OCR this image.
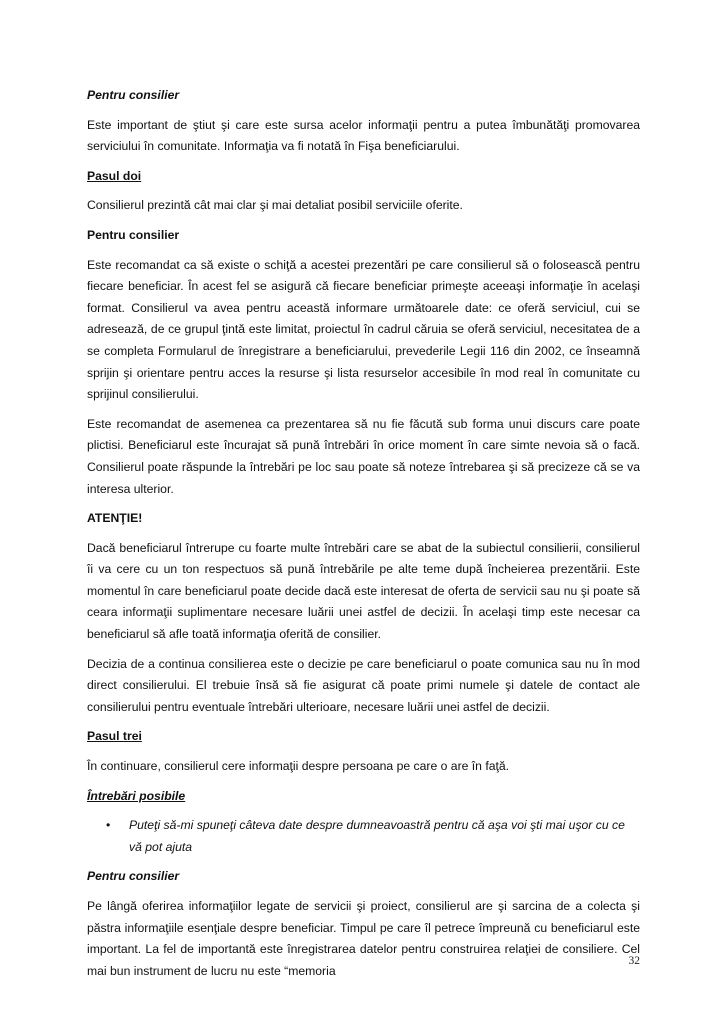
Pentru consilier

Este important de ştiut şi care este sursa acelor informaţii pentru a putea îmbunătăţi promovarea serviciului în comunitate. Informaţia va fi notată în Fişa beneficiarului.

Pasul doi

Consilierul prezintă cât mai clar şi mai detaliat posibil serviciile oferite.

Pentru consilier

Este recomandat ca să existe o schiţă a acestei prezentări pe care consilierul să o folosească pentru fiecare beneficiar. În acest fel se asigură că fiecare beneficiar primeşte aceeaşi informaţie în acelaşi format. Consilierul va avea pentru această informare următoarele date: ce oferă serviciul, cui se adresează, de ce grupul ţintă este limitat, proiectul în cadrul căruia se oferă serviciul, necesitatea de a se completa Formularul de înregistrare a beneficiarului, prevederile Legii 116 din 2002, ce înseamnă sprijin şi orientare pentru acces la resurse şi lista resurselor accesibile în mod real în comunitate cu sprijinul consilierului.

Este recomandat de asemenea ca prezentarea să nu fie făcută sub forma unui discurs care poate plictisi. Beneficiarul este încurajat să pună întrebări în orice moment în care simte nevoia să o facă. Consilierul poate răspunde la întrebări pe loc sau poate să noteze întrebarea şi să precizeze că se va interesa ulterior.

ATENŢIE!

Dacă beneficiarul întrerupe cu foarte multe întrebări care se abat de la subiectul consilierii, consilierul îi va cere cu un ton respectuos să pună întrebările pe alte teme după încheierea prezentării. Este momentul în care beneficiarul poate decide dacă este interesat de oferta de servicii sau nu şi poate să ceara informaţii suplimentare necesare luării unei astfel de decizii. În acelaşi timp este necesar ca beneficiarul să afle toată informaţia oferită de consilier.

Decizia de a continua consilierea este o decizie pe care beneficiarul o poate comunica sau nu în mod direct consilierului. El trebuie însă să fie asigurat că poate primi numele şi datele de contact ale consilierului pentru eventuale întrebări ulterioare, necesare luării unei astfel de decizii.

Pasul trei

În continuare, consilierul cere informaţii despre persoana pe care o are în faţă.

Întrebări posibile

• Puteţi să-mi spuneţi câteva date despre dumneavoastră pentru că aşa voi şti mai uşor cu ce vă pot ajuta

Pentru consilier

Pe lângă oferirea informaţiilor legate de servicii şi proiect, consilierul are şi sarcina de a colecta şi păstra informaţiile esenţiale despre beneficiar. Timpul pe care îl petrece împreună cu beneficiarul este important. La fel de importantă este înregistrarea datelor pentru construirea relaţiei de consiliere. Cel mai bun instrument de lucru nu este “memoria

32
